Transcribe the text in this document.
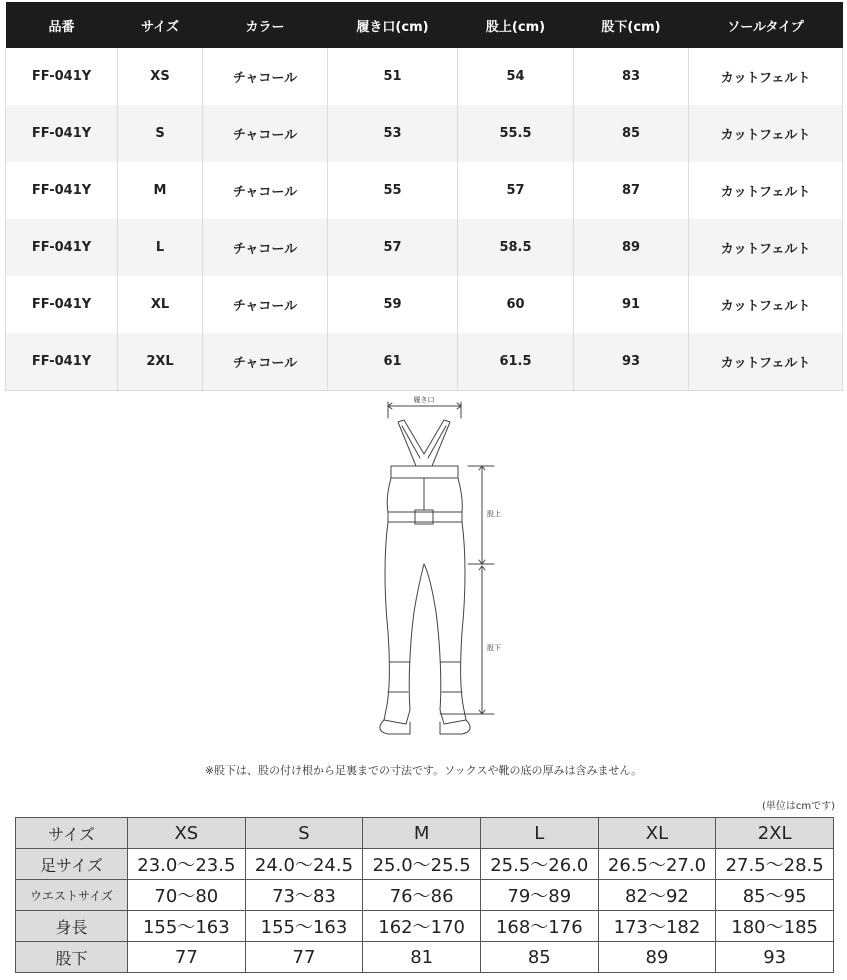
品番	サイズ	カラー	履き口(cm)	股上(cm)	股下(cm)	ソールタイプ
FF-041Y	XS	チャコール	51	54	83	カットフェルト
FF-041Y	S	チャコール	53	55.5	85	カットフェルト
FF-041Y	M	チャコール	55	57	87	カットフェルト
FF-041Y	L	チャコール	57	58.5	89	カットフェルト
FF-041Y	XL	チャコール	59	60	91	カットフェルト
FF-041Y	2XL	チャコール	61	61.5	93	カットフェルト
履き口
股上
股下
※股下は、股の付け根から足裏までの寸法です。ソックスや靴の底の厚みは含みません。
(単位はcmです)
サイズ	XS	S	M	L	XL	2XL
足サイズ	23.0～23.5	24.0～24.5	25.0～25.5	25.5～26.0	26.5～27.0	27.5～28.5
ウエストサイズ	70～80	73～83	76～86	79～89	82～92	85～95
身長	155～163	155～163	162～170	168～176	173～182	180～185
股下	77	77	81	85	89	93
